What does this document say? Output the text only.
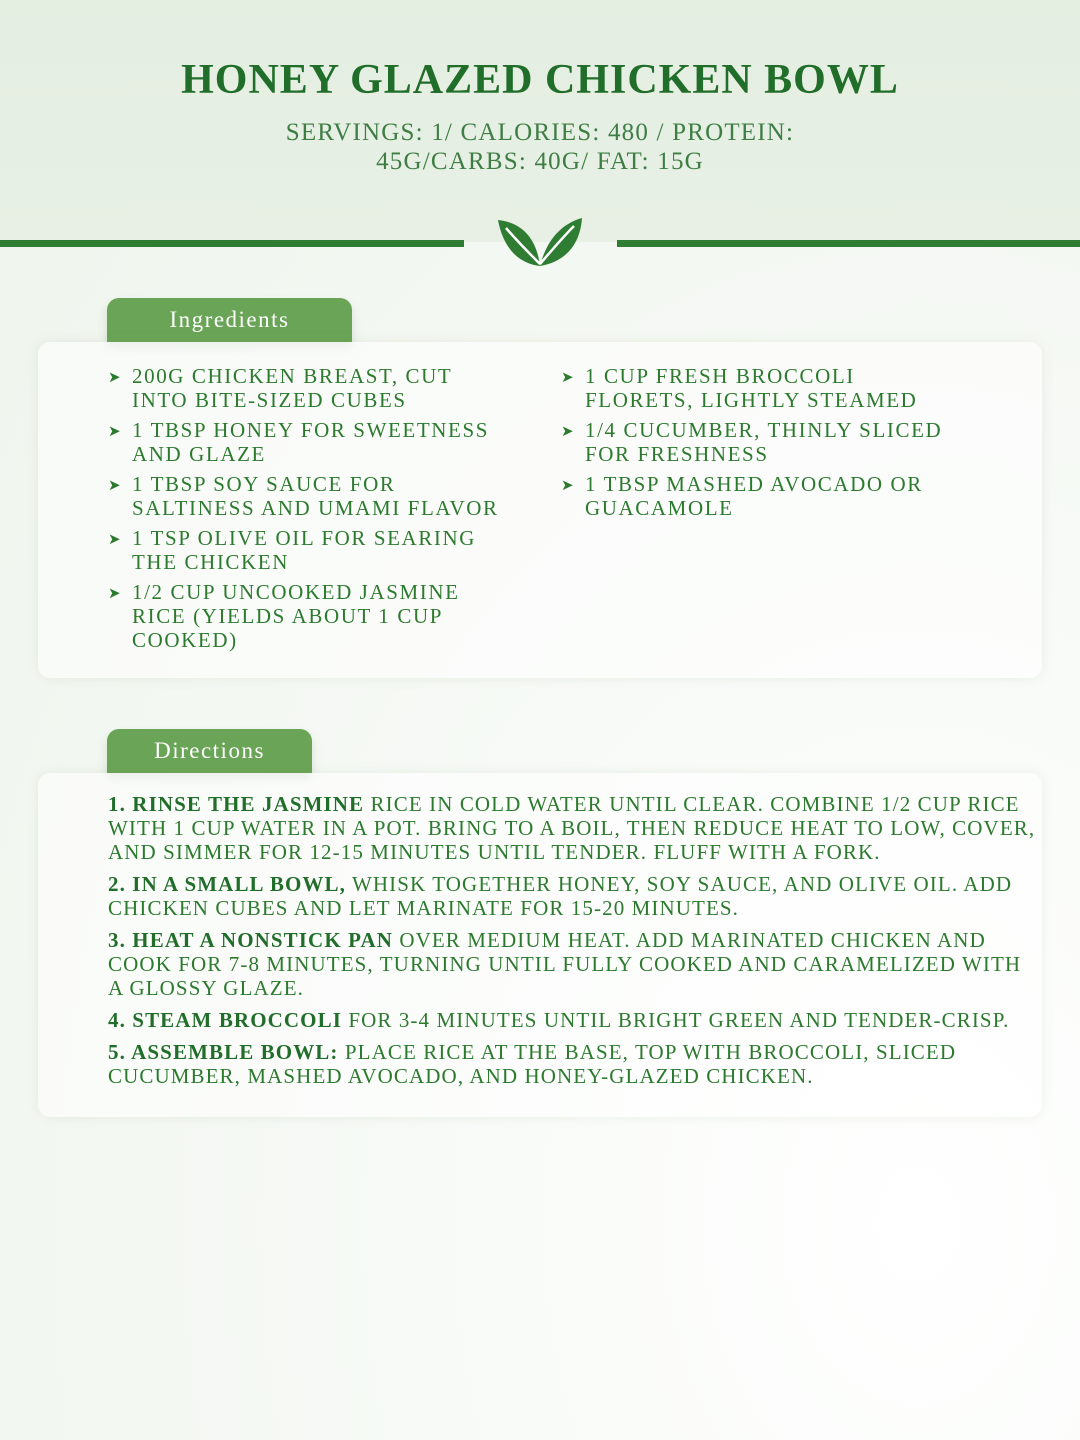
HONEY GLAZED CHICKEN BOWL
SERVINGS: 1/ CALORIES: 480 / PROTEIN: 45G/CARBS: 40G/ FAT: 15G
Ingredients
➤ 200G CHICKEN BREAST, CUT INTO BITE-SIZED CUBES
➤ 1 TBSP HONEY FOR SWEETNESS AND GLAZE
➤ 1 TBSP SOY SAUCE FOR SALTINESS AND UMAMI FLAVOR
➤ 1 TSP OLIVE OIL FOR SEARING THE CHICKEN
➤ 1/2 CUP UNCOOKED JASMINE RICE (YIELDS ABOUT 1 CUP COOKED)
➤ 1 CUP FRESH BROCCOLI FLORETS, LIGHTLY STEAMED
➤ 1/4 CUCUMBER, THINLY SLICED FOR FRESHNESS
➤ 1 TBSP MASHED AVOCADO OR GUACAMOLE
Directions
1. RINSE THE JASMINE RICE IN COLD WATER UNTIL CLEAR. COMBINE 1/2 CUP RICE WITH 1 CUP WATER IN A POT. BRING TO A BOIL, THEN REDUCE HEAT TO LOW, COVER, AND SIMMER FOR 12-15 MINUTES UNTIL TENDER. FLUFF WITH A FORK.
2. IN A SMALL BOWL, WHISK TOGETHER HONEY, SOY SAUCE, AND OLIVE OIL. ADD CHICKEN CUBES AND LET MARINATE FOR 15-20 MINUTES.
3. HEAT A NONSTICK PAN OVER MEDIUM HEAT. ADD MARINATED CHICKEN AND COOK FOR 7-8 MINUTES, TURNING UNTIL FULLY COOKED AND CARAMELIZED WITH A GLOSSY GLAZE.
4. STEAM BROCCOLI FOR 3-4 MINUTES UNTIL BRIGHT GREEN AND TENDER-CRISP.
5. ASSEMBLE BOWL: PLACE RICE AT THE BASE, TOP WITH BROCCOLI, SLICED CUCUMBER, MASHED AVOCADO, AND HONEY-GLAZED CHICKEN.
